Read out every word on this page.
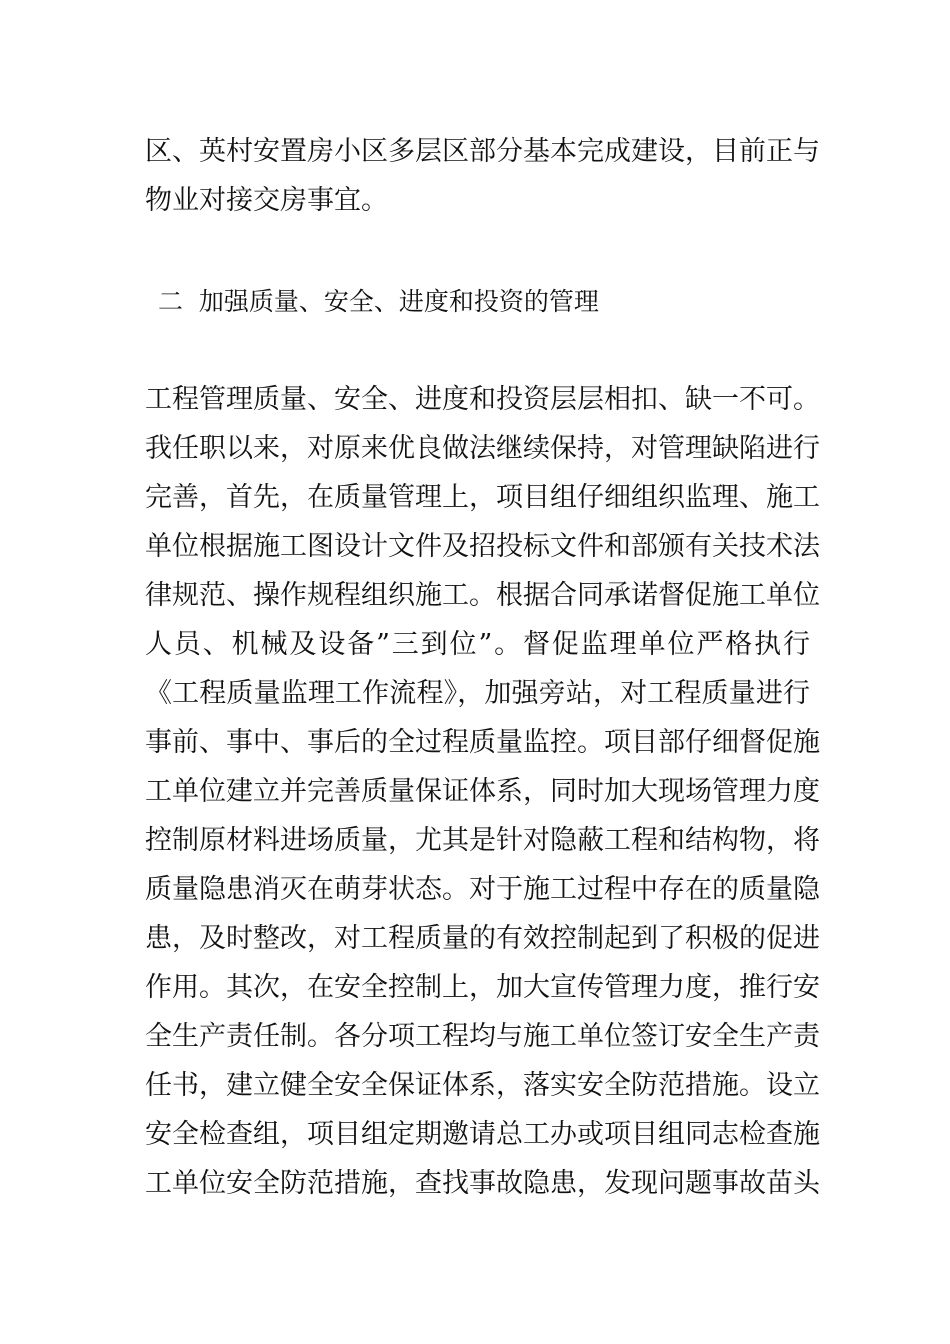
区、英村安置房小区多层区部分基本完成建设，目前正与
物业对接交房事宜。
二  加强质量、安全、进度和投资的管理
工程管理质量、安全、进度和投资层层相扣、缺一不可。
我任职以来，对原来优良做法继续保持，对管理缺陷进行
完善，首先，在质量管理上，项目组仔细组织监理、施工
单位根据施工图设计文件及招投标文件和部颁有关技术法
律规范、操作规程组织施工。根据合同承诺督促施工单位
人员、机械及设备”三到位”。督促监理单位严格执行
《工程质量监理工作流程》，加强旁站，对工程质量进行
事前、事中、事后的全过程质量监控。项目部仔细督促施
工单位建立并完善质量保证体系，同时加大现场管理力度
控制原材料进场质量，尤其是针对隐蔽工程和结构物，将
质量隐患消灭在萌芽状态。对于施工过程中存在的质量隐
患，及时整改，对工程质量的有效控制起到了积极的促进
作用。其次，在安全控制上，加大宣传管理力度，推行安
全生产责任制。各分项工程均与施工单位签订安全生产责
任书，建立健全安全保证体系，落实安全防范措施。设立
安全检查组，项目组定期邀请总工办或项目组同志检查施
工单位安全防范措施，查找事故隐患，发现问题事故苗头
